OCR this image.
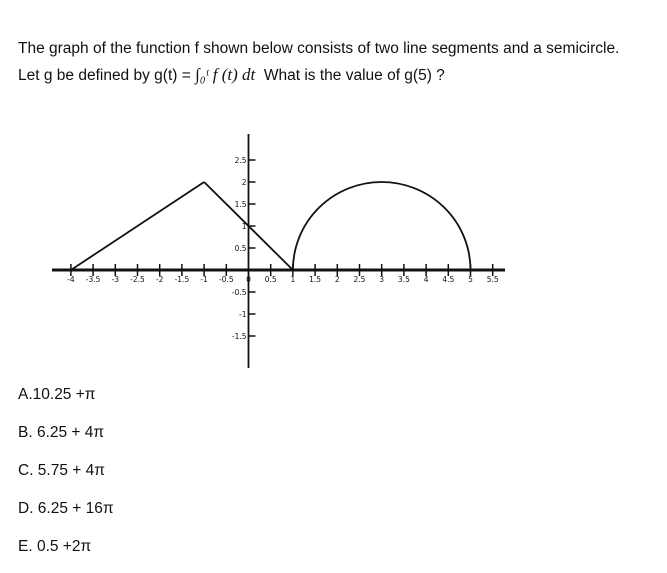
The graph of the function f shown below consists of two line segments and a semicircle.
Let g be defined by g(t) = ∫₀ᵗ f (t) dt What is the value of g(5) ?
-4 -3.5 -3 -2.5 -2 -1.5 -1 -0.5 0 0.5 1 1.5 2 2.5 3 3.5 4 4.5 5 5.5
2.5
2
1.5
1
0.5
-0.5
-1
-1.5
A.10.25 +π
B. 6.25 + 4π
C. 5.75 + 4π
D. 6.25 + 16π
E. 0.5 +2π
